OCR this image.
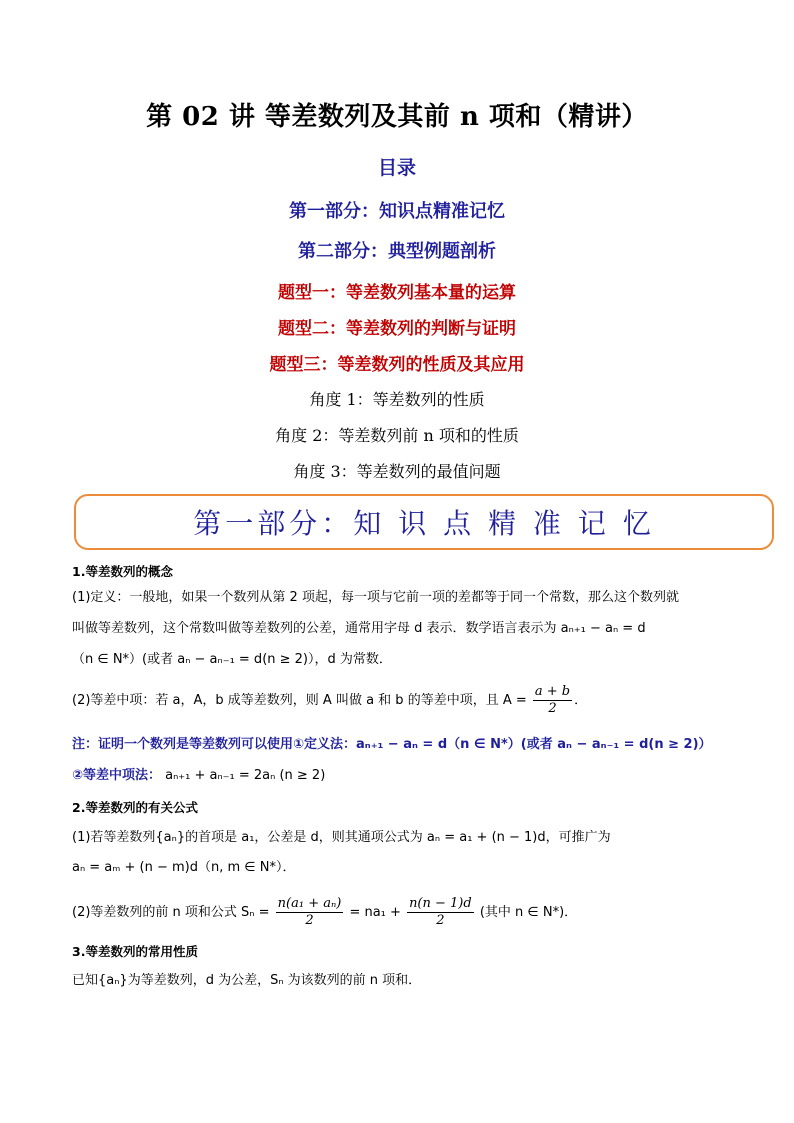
第 02 讲 等差数列及其前 n 项和（精讲）
目录
第一部分：知识点精准记忆
第二部分：典型例题剖析
题型一：等差数列基本量的运算
题型二：等差数列的判断与证明
题型三：等差数列的性质及其应用
角度 1：等差数列的性质
角度 2：等差数列前 n 项和的性质
角度 3：等差数列的最值问题
第一部分：知 识 点 精 准 记 忆
1.等差数列的概念
(1)定义：一般地，如果一个数列从第 2 项起，每一项与它前一项的差都等于同一个常数，那么这个数列就
叫做等差数列，这个常数叫做等差数列的公差，通常用字母 d 表示．数学语言表示为 aₙ₊₁ − aₙ = d
（n ∈ N*）(或者 aₙ − aₙ₋₁ = d(n ≥ 2)），d 为常数．
(2)等差中项：若 a，A，b 成等差数列，则 A 叫做 a 和 b 的等差中项，且 $A = \frac{a + b}{2}$ ．
注：证明一个数列是等差数列可以使用①定义法：aₙ₊₁ − aₙ = d（n ∈ N*）(或者 aₙ − aₙ₋₁ = d(n ≥ 2)）
②等差中项法： aₙ₊₁ + aₙ₋₁ = 2aₙ (n ≥ 2)
2.等差数列的有关公式
(1)若等差数列{aₙ}的首项是 a₁，公差是 d，则其通项公式为 aₙ = a₁ + (n − 1)d，可推广为
aₙ = aₘ + (n − m)d（n, m ∈ N*）．
(2)等差数列的前 n 项和公式 $S_n = \frac{\text{n(a₁ + aₙ)}}{2} = na_1 + \frac{n(n - 1)d}{2}$ (其中 n ∈ N*)．
3.等差数列的常用性质
已知{aₙ}为等差数列，d 为公差，Sₙ 为该数列的前 n 项和．
